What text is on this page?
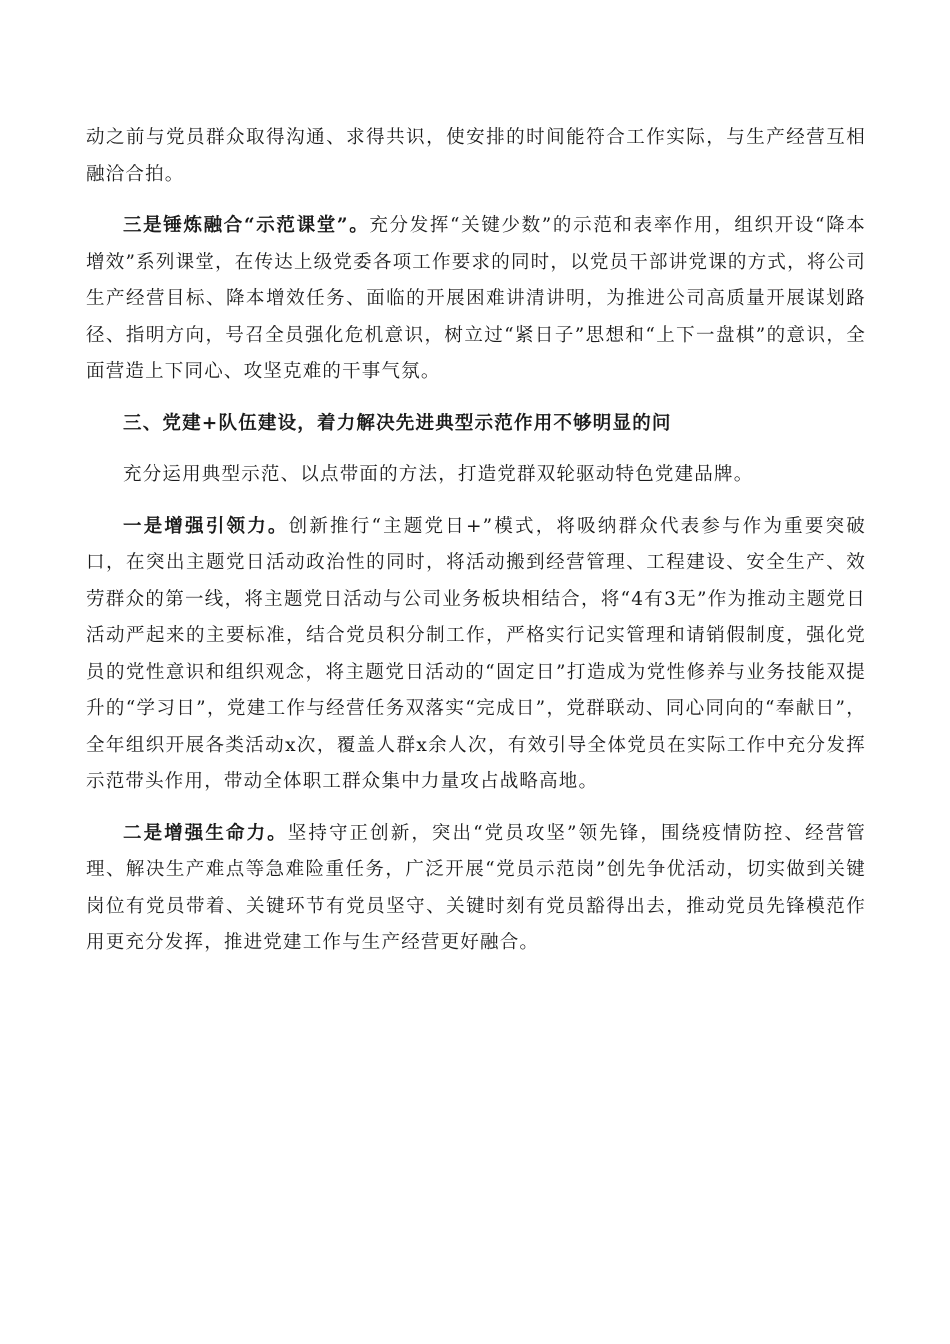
动之前与党员群众取得沟通、求得共识，使安排的时间能符合工作实际，与生产经营互相融洽合拍。

三是锤炼融合“示范课堂”。充分发挥“关键少数”的示范和表率作用，组织开设“降本增效”系列课堂，在传达上级党委各项工作要求的同时，以党员干部讲党课的方式，将公司生产经营目标、降本增效任务、面临的开展困难讲清讲明，为推进公司高质量开展谋划路径、指明方向，号召全员强化危机意识，树立过“紧日子”思想和“上下一盘棋”的意识，全面营造上下同心、攻坚克难的干事气氛。

三、党建+队伍建设，着力解决先进典型示范作用不够明显的问

充分运用典型示范、以点带面的方法，打造党群双轮驱动特色党建品牌。

一是增强引领力。创新推行“主题党日+”模式，将吸纳群众代表参与作为重要突破口，在突出主题党日活动政治性的同时，将活动搬到经营管理、工程建设、安全生产、效劳群众的第一线，将主题党日活动与公司业务板块相结合，将“4有3无”作为推动主题党日活动严起来的主要标准，结合党员积分制工作，严格实行记实管理和请销假制度，强化党员的党性意识和组织观念，将主题党日活动的“固定日”打造成为党性修养与业务技能双提升的“学习日”，党建工作与经营任务双落实“完成日”，党群联动、同心同向的“奉献日”，全年组织开展各类活动x次，覆盖人群x余人次，有效引导全体党员在实际工作中充分发挥示范带头作用，带动全体职工群众集中力量攻占战略高地。

二是增强生命力。坚持守正创新，突出“党员攻坚”领先锋，围绕疫情防控、经营管理、解决生产难点等急难险重任务，广泛开展“党员示范岗”创先争优活动，切实做到关键岗位有党员带着、关键环节有党员坚守、关键时刻有党员豁得出去，推动党员先锋模范作用更充分发挥，推进党建工作与生产经营更好融合。
